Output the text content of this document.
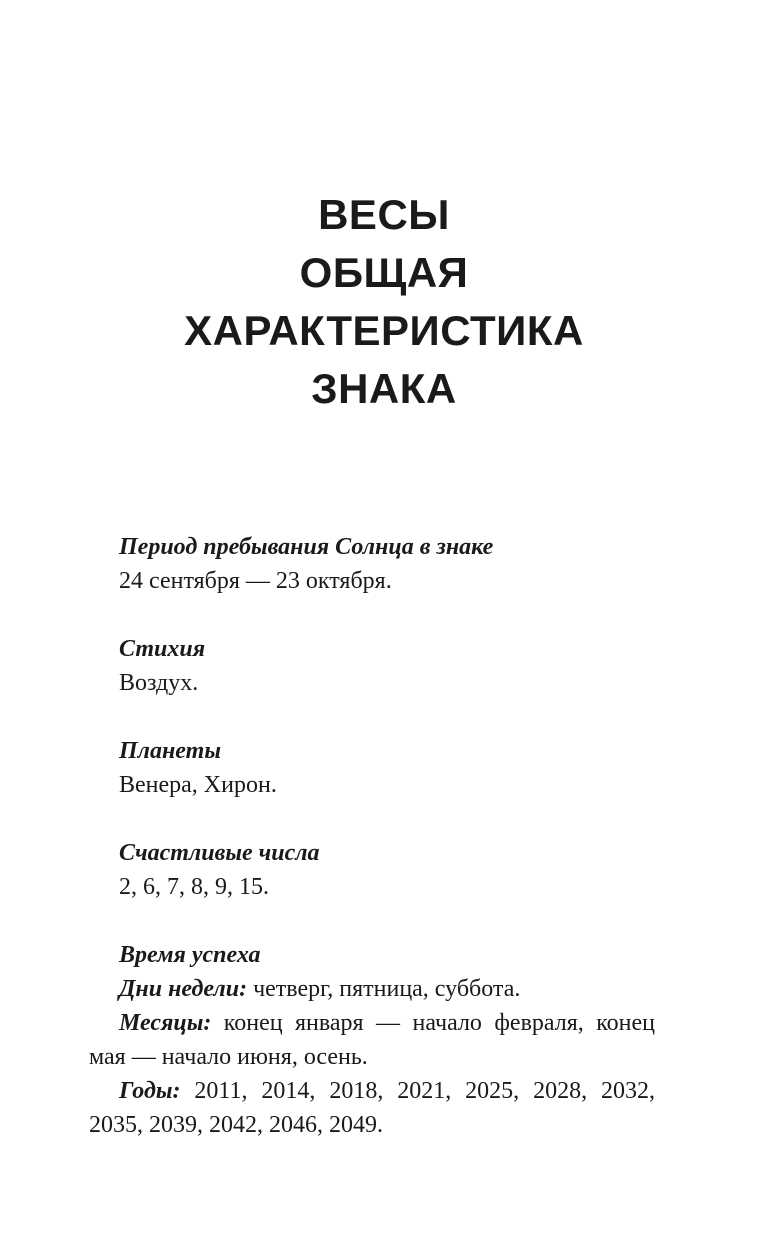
ВЕСЫ
ОБЩАЯ
ХАРАКТЕРИСТИКА
ЗНАКА
Период пребывания Солнца в знаке
24 сентября — 23 октября.
Стихия
Воздух.
Планеты
Венера, Хирон.
Счастливые числа
2, 6, 7, 8, 9, 15.
Время успеха
Дни недели: четверг, пятница, суббота.
Месяцы: конец января — начало февраля, конец мая — начало июня, осень.
Годы: 2011, 2014, 2018, 2021, 2025, 2028, 2032, 2035, 2039, 2042, 2046, 2049.
